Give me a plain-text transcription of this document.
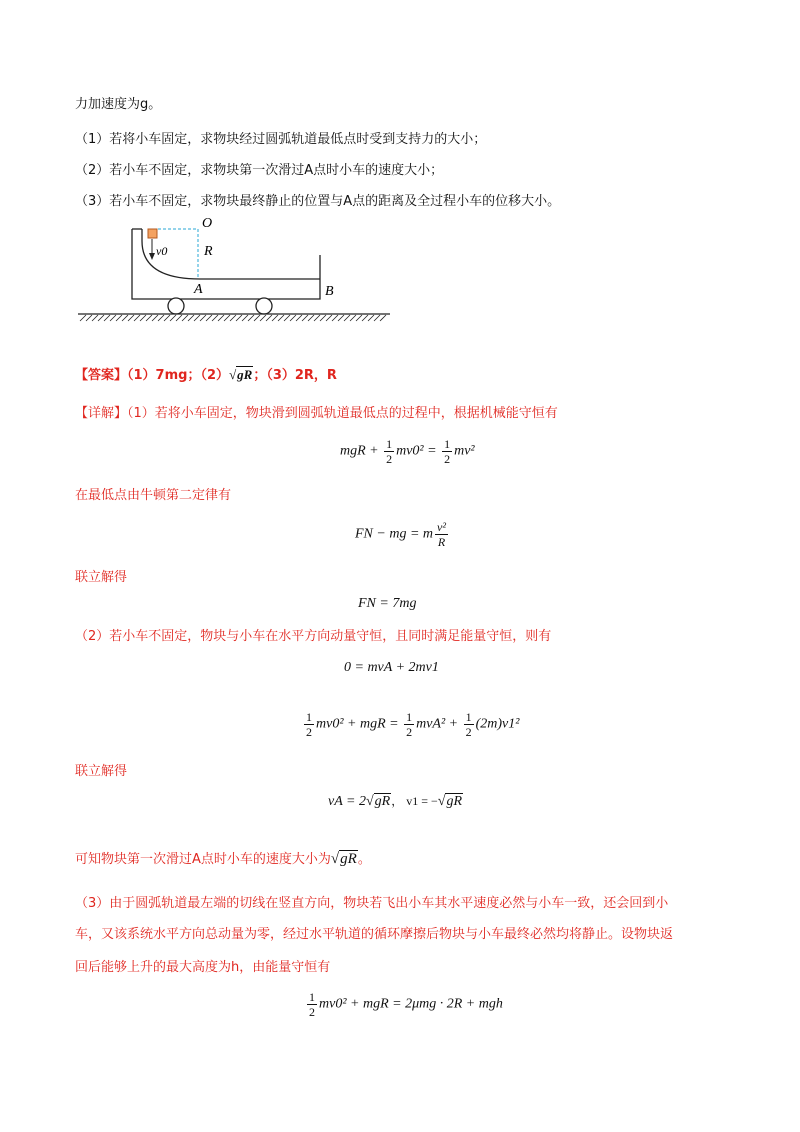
力加速度为g。
（1）若将小车固定，求物块经过圆弧轨道最低点时受到支持力的大小；
（2）若小车不固定，求物块第一次滑过A点时小车的速度大小；
（3）若小车不固定，求物块最终静止的位置与A点的距离及全过程小车的位移大小。
O
R
v0
A	B
【答案】（1）7mg；（2）√gR；（3）2R，R
【详解】（1）若将小车固定，物块滑到圆弧轨道最低点的过程中，根据机械能守恒有
mgR + $\frac{1}{2} mv0^2 = \frac{1}{2} mv^2$
在最低点由牛顿第二定律有
FN − mg = m $\frac{\text{v²}}{R}$
联立解得
FN = 7mg
（2）若小车不固定，物块与小车在水平方向动量守恒，且同时满足能量守恒，则有
0 = mvA + 2mv1
$\frac{1}{2} mv0^2$ + mgR = $\frac{1}{2} mvA^2 + \frac{1}{2} (2m)v1^2$
联立解得
vA = 2√gR， v1 = −√gR
可知物块第一次滑过A点时小车的速度大小为√gR。
（3）由于圆弧轨道最左端的切线在竖直方向，物块若飞出小车其水平速度必然与小车一致，还会回到小
车，又该系统水平方向总动量为零，经过水平轨道的循环摩擦后物块与小车最终必然均将静止。设物块返
回后能够上升的最大高度为h，由能量守恒有
$\frac{1}{2} mv0^2$ + mgR = 2μmg · 2R + mgh
